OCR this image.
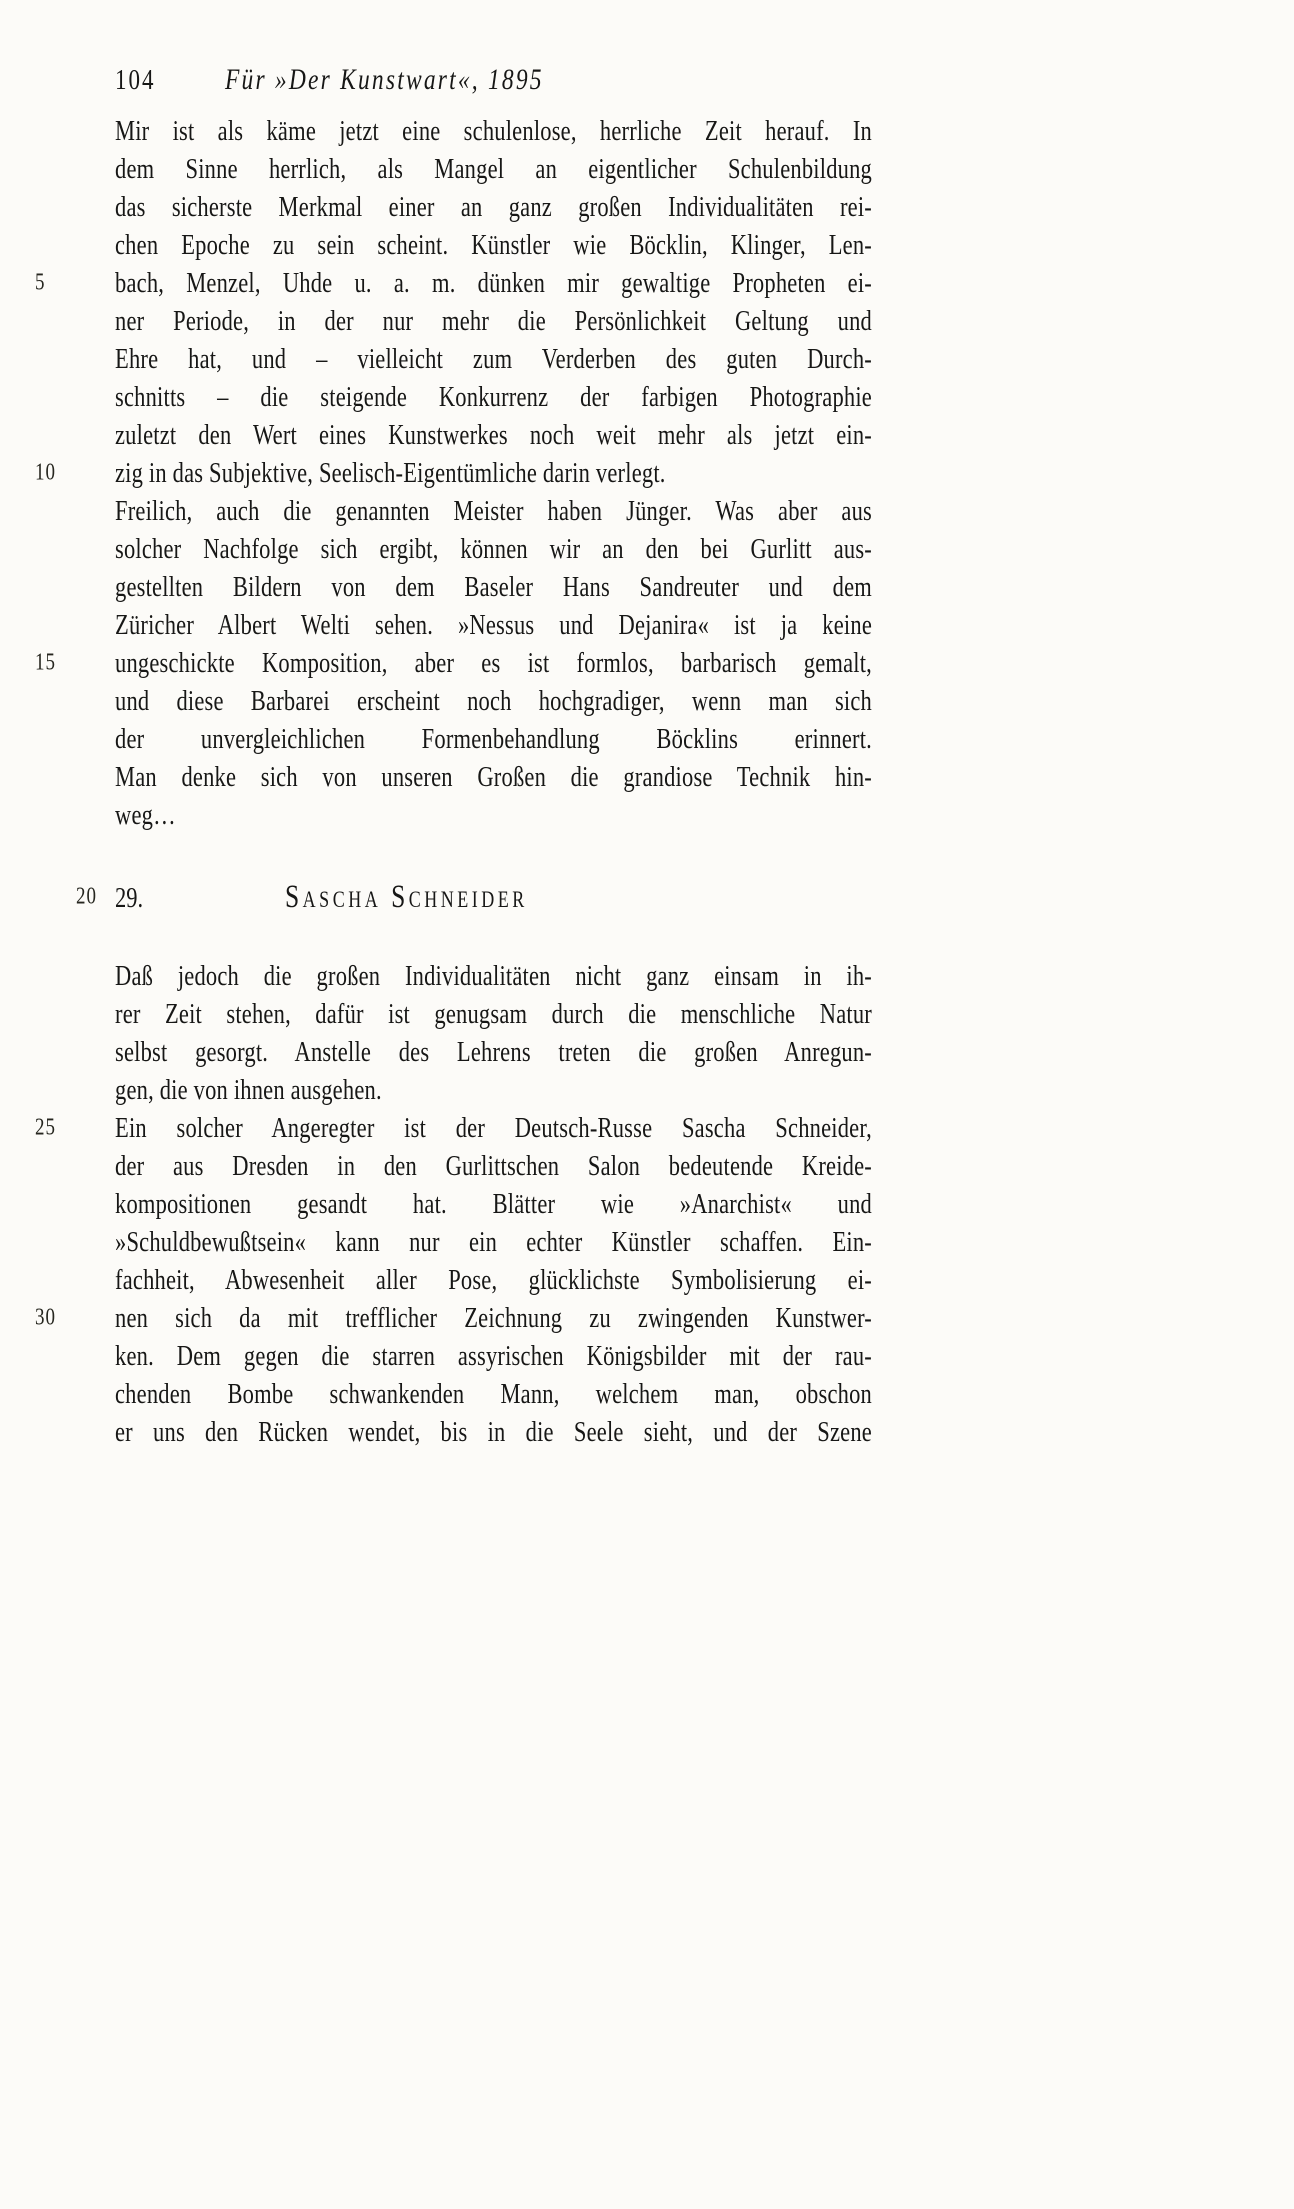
104	Für »Der Kunstwart«, 1895
Mir ist als käme jetzt eine schulenlose, herrliche Zeit herauf. In
dem Sinne herrlich, als Mangel an eigentlicher Schulenbildung
das sicherste Merkmal einer an ganz großen Individualitäten rei-
chen Epoche zu sein scheint. Künstler wie Böcklin, Klinger, Len-
5	bach, Menzel, Uhde u. a. m. dünken mir gewaltige Propheten ei-
ner Periode, in der nur mehr die Persönlichkeit Geltung und
Ehre hat, und – vielleicht zum Verderben des guten Durch-
schnitts – die steigende Konkurrenz der farbigen Photographie
zuletzt den Wert eines Kunstwerkes noch weit mehr als jetzt ein-
10	zig in das Subjektive, Seelisch-Eigentümliche darin verlegt.
Freilich, auch die genannten Meister haben Jünger. Was aber aus
solcher Nachfolge sich ergibt, können wir an den bei Gurlitt aus-
gestellten Bildern von dem Baseler Hans Sandreuter und dem
Züricher Albert Welti sehen. »Nessus und Dejanira« ist ja keine
15	ungeschickte Komposition, aber es ist formlos, barbarisch gemalt,
und diese Barbarei erscheint noch hochgradiger, wenn man sich
der unvergleichlichen Formenbehandlung Böcklins erinnert.
Man denke sich von unseren Großen die grandiose Technik hin-
weg…
20 29.	Sascha Schneider
Daß jedoch die großen Individualitäten nicht ganz einsam in ih-
rer Zeit stehen, dafür ist genugsam durch die menschliche Natur
selbst gesorgt. Anstelle des Lehrens treten die großen Anregun-
gen, die von ihnen ausgehen.
25	Ein solcher Angeregter ist der Deutsch-Russe Sascha Schneider,
der aus Dresden in den Gurlittschen Salon bedeutende Kreide-
kompositionen gesandt hat. Blätter wie »Anarchist« und
»Schuldbewußtsein« kann nur ein echter Künstler schaffen. Ein-
fachheit, Abwesenheit aller Pose, glücklichste Symbolisierung ei-
30	nen sich da mit trefflicher Zeichnung zu zwingenden Kunstwer-
ken. Dem gegen die starren assyrischen Königsbilder mit der rau-
chenden Bombe schwankenden Mann, welchem man, obschon
er uns den Rücken wendet, bis in die Seele sieht, und der Szene
